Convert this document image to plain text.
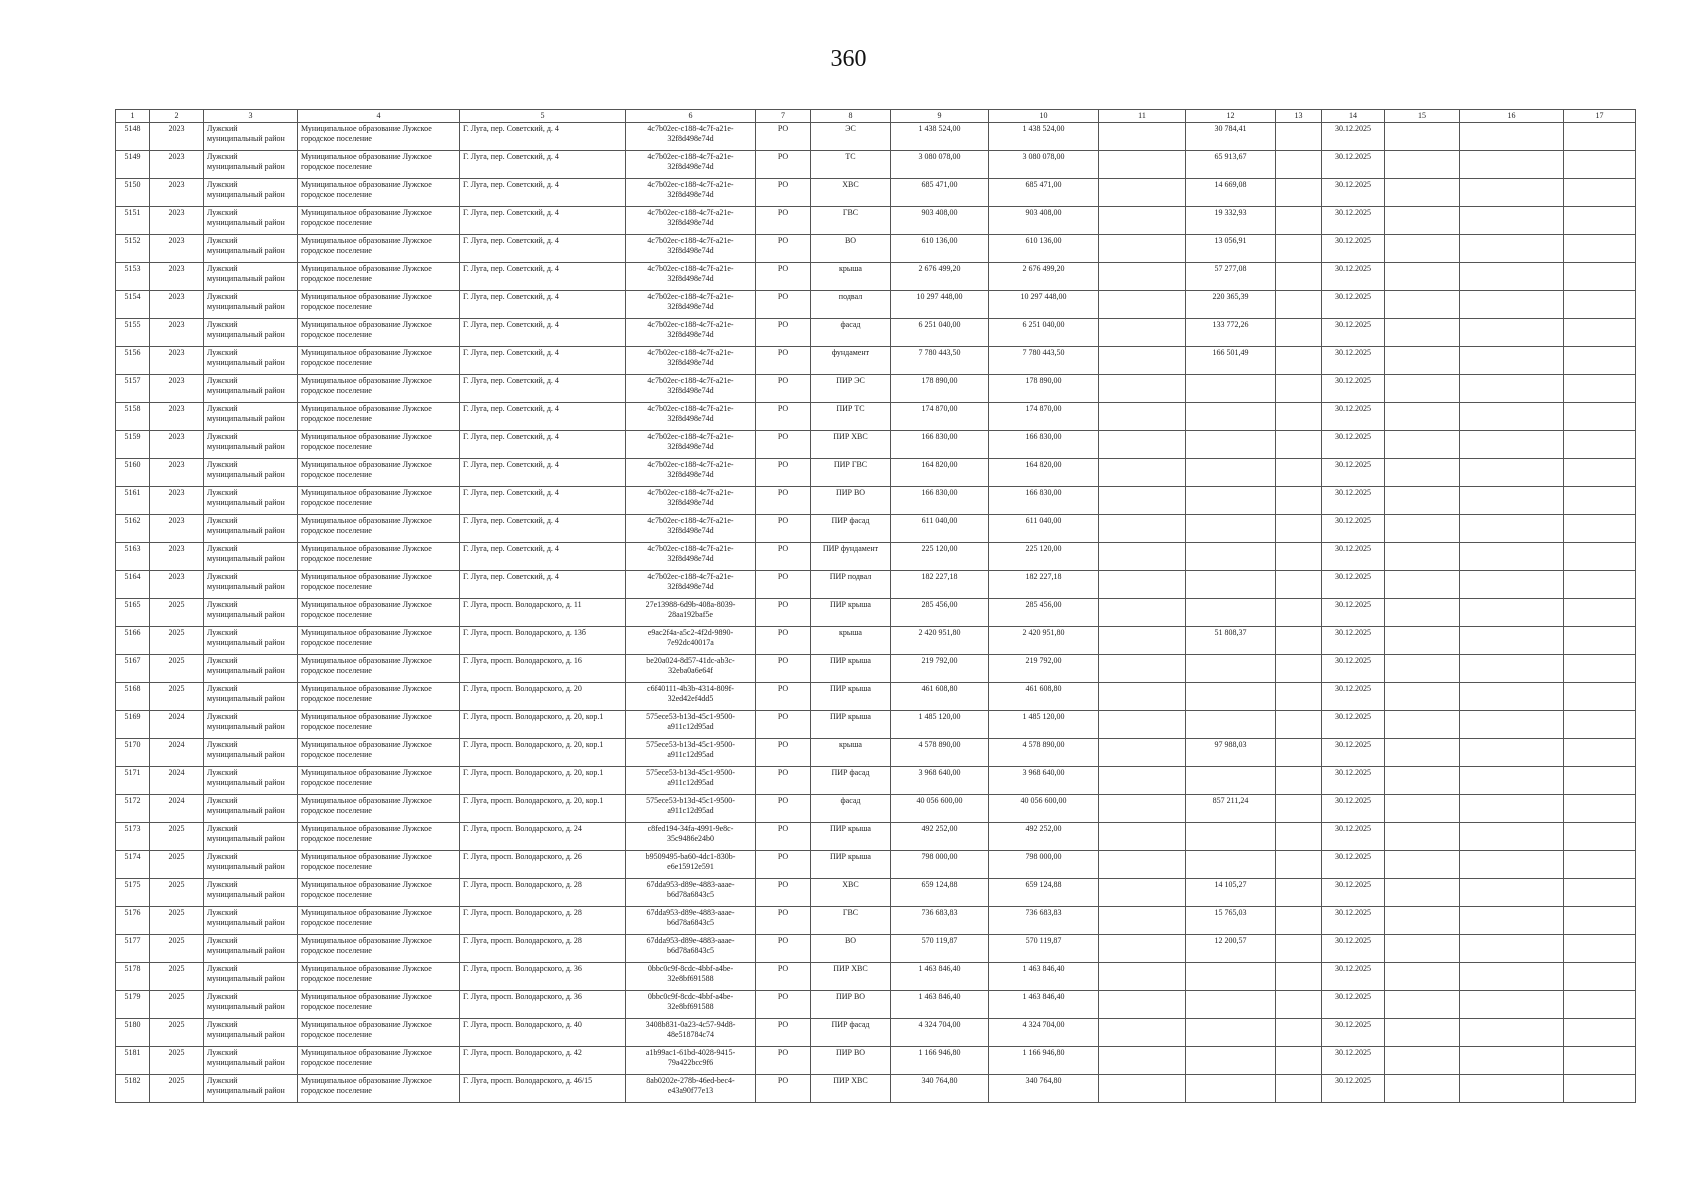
360
1	2	3	4	5	6	7	8	9	10	11	12	13	14	15	16	17
5148	2023	Лужский муниципальный район	Муниципальное образование Лужское городское поселение	Г. Луга, пер. Советский, д. 4	4c7b02ec-c188-4c7f-a21e-32f8d498e74d	РО	ЭС	1 438 524,00	1 438 524,00		30 784,41		30.12.2025			
5149	2023	Лужский муниципальный район	Муниципальное образование Лужское городское поселение	Г. Луга, пер. Советский, д. 4	4c7b02ec-c188-4c7f-a21e-32f8d498e74d	РО	ТС	3 080 078,00	3 080 078,00		65 913,67		30.12.2025			
5150	2023	Лужский муниципальный район	Муниципальное образование Лужское городское поселение	Г. Луга, пер. Советский, д. 4	4c7b02ec-c188-4c7f-a21e-32f8d498e74d	РО	ХВС	685 471,00	685 471,00		14 669,08		30.12.2025			
5151	2023	Лужский муниципальный район	Муниципальное образование Лужское городское поселение	Г. Луга, пер. Советский, д. 4	4c7b02ec-c188-4c7f-a21e-32f8d498e74d	РО	ГВС	903 408,00	903 408,00		19 332,93		30.12.2025			
5152	2023	Лужский муниципальный район	Муниципальное образование Лужское городское поселение	Г. Луга, пер. Советский, д. 4	4c7b02ec-c188-4c7f-a21e-32f8d498e74d	РО	ВО	610 136,00	610 136,00		13 056,91		30.12.2025			
5153	2023	Лужский муниципальный район	Муниципальное образование Лужское городское поселение	Г. Луга, пер. Советский, д. 4	4c7b02ec-c188-4c7f-a21e-32f8d498e74d	РО	крыша	2 676 499,20	2 676 499,20		57 277,08		30.12.2025			
5154	2023	Лужский муниципальный район	Муниципальное образование Лужское городское поселение	Г. Луга, пер. Советский, д. 4	4c7b02ec-c188-4c7f-a21e-32f8d498e74d	РО	подвал	10 297 448,00	10 297 448,00		220 365,39		30.12.2025			
5155	2023	Лужский муниципальный район	Муниципальное образование Лужское городское поселение	Г. Луга, пер. Советский, д. 4	4c7b02ec-c188-4c7f-a21e-32f8d498e74d	РО	фасад	6 251 040,00	6 251 040,00		133 772,26		30.12.2025			
5156	2023	Лужский муниципальный район	Муниципальное образование Лужское городское поселение	Г. Луга, пер. Советский, д. 4	4c7b02ec-c188-4c7f-a21e-32f8d498e74d	РО	фундамент	7 780 443,50	7 780 443,50		166 501,49		30.12.2025			
5157	2023	Лужский муниципальный район	Муниципальное образование Лужское городское поселение	Г. Луга, пер. Советский, д. 4	4c7b02ec-c188-4c7f-a21e-32f8d498e74d	РО	ПИР ЭС	178 890,00	178 890,00				30.12.2025			
5158	2023	Лужский муниципальный район	Муниципальное образование Лужское городское поселение	Г. Луга, пер. Советский, д. 4	4c7b02ec-c188-4c7f-a21e-32f8d498e74d	РО	ПИР ТС	174 870,00	174 870,00				30.12.2025			
5159	2023	Лужский муниципальный район	Муниципальное образование Лужское городское поселение	Г. Луга, пер. Советский, д. 4	4c7b02ec-c188-4c7f-a21e-32f8d498e74d	РО	ПИР ХВС	166 830,00	166 830,00				30.12.2025			
5160	2023	Лужский муниципальный район	Муниципальное образование Лужское городское поселение	Г. Луга, пер. Советский, д. 4	4c7b02ec-c188-4c7f-a21e-32f8d498e74d	РО	ПИР ГВС	164 820,00	164 820,00				30.12.2025			
5161	2023	Лужский муниципальный район	Муниципальное образование Лужское городское поселение	Г. Луга, пер. Советский, д. 4	4c7b02ec-c188-4c7f-a21e-32f8d498e74d	РО	ПИР ВО	166 830,00	166 830,00				30.12.2025			
5162	2023	Лужский муниципальный район	Муниципальное образование Лужское городское поселение	Г. Луга, пер. Советский, д. 4	4c7b02ec-c188-4c7f-a21e-32f8d498e74d	РО	ПИР фасад	611 040,00	611 040,00				30.12.2025			
5163	2023	Лужский муниципальный район	Муниципальное образование Лужское городское поселение	Г. Луга, пер. Советский, д. 4	4c7b02ec-c188-4c7f-a21e-32f8d498e74d	РО	ПИР фундамент	225 120,00	225 120,00				30.12.2025			
5164	2023	Лужский муниципальный район	Муниципальное образование Лужское городское поселение	Г. Луга, пер. Советский, д. 4	4c7b02ec-c188-4c7f-a21e-32f8d498e74d	РО	ПИР подвал	182 227,18	182 227,18				30.12.2025			
5165	2025	Лужский муниципальный район	Муниципальное образование Лужское городское поселение	Г. Луга, просп. Володарского, д. 11	27e13988-6d9b-408a-8039-28aa192baf5e	РО	ПИР крыша	285 456,00	285 456,00				30.12.2025			
5166	2025	Лужский муниципальный район	Муниципальное образование Лужское городское поселение	Г. Луга, просп. Володарского, д. 13б	e9ac2f4a-a5c2-4f2d-9890-7e92dc40017a	РО	крыша	2 420 951,80	2 420 951,80		51 808,37		30.12.2025			
5167	2025	Лужский муниципальный район	Муниципальное образование Лужское городское поселение	Г. Луга, просп. Володарского, д. 16	be20a024-8d57-41dc-ab3c-32eba0a6e64f	РО	ПИР крыша	219 792,00	219 792,00				30.12.2025			
5168	2025	Лужский муниципальный район	Муниципальное образование Лужское городское поселение	Г. Луга, просп. Володарского, д. 20	c6f40111-4b3b-4314-809f-32ed42ef4dd5	РО	ПИР крыша	461 608,80	461 608,80				30.12.2025			
5169	2024	Лужский муниципальный район	Муниципальное образование Лужское городское поселение	Г. Луга, просп. Володарского, д. 20, кор.1	575ece53-b13d-45c1-9500-a911c12d95ad	РО	ПИР крыша	1 485 120,00	1 485 120,00				30.12.2025			
5170	2024	Лужский муниципальный район	Муниципальное образование Лужское городское поселение	Г. Луга, просп. Володарского, д. 20, кор.1	575ece53-b13d-45c1-9500-a911c12d95ad	РО	крыша	4 578 890,00	4 578 890,00		97 988,03		30.12.2025			
5171	2024	Лужский муниципальный район	Муниципальное образование Лужское городское поселение	Г. Луга, просп. Володарского, д. 20, кор.1	575ece53-b13d-45c1-9500-a911c12d95ad	РО	ПИР фасад	3 968 640,00	3 968 640,00				30.12.2025			
5172	2024	Лужский муниципальный район	Муниципальное образование Лужское городское поселение	Г. Луга, просп. Володарского, д. 20, кор.1	575ece53-b13d-45c1-9500-a911c12d95ad	РО	фасад	40 056 600,00	40 056 600,00		857 211,24		30.12.2025			
5173	2025	Лужский муниципальный район	Муниципальное образование Лужское городское поселение	Г. Луга, просп. Володарского, д. 24	c8fed194-34fa-4991-9e8c-35c9486e24b0	РО	ПИР крыша	492 252,00	492 252,00				30.12.2025			
5174	2025	Лужский муниципальный район	Муниципальное образование Лужское городское поселение	Г. Луга, просп. Володарского, д. 26	b9509495-ba60-4dc1-830b-e6e15912e591	РО	ПИР крыша	798 000,00	798 000,00				30.12.2025			
5175	2025	Лужский муниципальный район	Муниципальное образование Лужское городское поселение	Г. Луга, просп. Володарского, д. 28	67dda953-d89e-4883-aaae-b6d78a6843c5	РО	ХВС	659 124,88	659 124,88		14 105,27		30.12.2025			
5176	2025	Лужский муниципальный район	Муниципальное образование Лужское городское поселение	Г. Луга, просп. Володарского, д. 28	67dda953-d89e-4883-aaae-b6d78a6843c5	РО	ГВС	736 683,83	736 683,83		15 765,03		30.12.2025			
5177	2025	Лужский муниципальный район	Муниципальное образование Лужское городское поселение	Г. Луга, просп. Володарского, д. 28	67dda953-d89e-4883-aaae-b6d78a6843c5	РО	ВО	570 119,87	570 119,87		12 200,57		30.12.2025			
5178	2025	Лужский муниципальный район	Муниципальное образование Лужское городское поселение	Г. Луга, просп. Володарского, д. 36	0bbc0c9f-8cdc-4bbf-a4be-32e8bf691588	РО	ПИР ХВС	1 463 846,40	1 463 846,40				30.12.2025			
5179	2025	Лужский муниципальный район	Муниципальное образование Лужское городское поселение	Г. Луга, просп. Володарского, д. 36	0bbc0c9f-8cdc-4bbf-a4be-32e8bf691588	РО	ПИР ВО	1 463 846,40	1 463 846,40				30.12.2025			
5180	2025	Лужский муниципальный район	Муниципальное образование Лужское городское поселение	Г. Луга, просп. Володарского, д. 40	3408b831-0a23-4c57-94d8-48e518784c74	РО	ПИР фасад	4 324 704,00	4 324 704,00				30.12.2025			
5181	2025	Лужский муниципальный район	Муниципальное образование Лужское городское поселение	Г. Луга, просп. Володарского, д. 42	a1b99ac1-61bd-4028-9415-79a422bcc9f6	РО	ПИР ВО	1 166 946,80	1 166 946,80				30.12.2025			
5182	2025	Лужский муниципальный район	Муниципальное образование Лужское городское поселение	Г. Луга, просп. Володарского, д. 46/15	8ab0202e-278b-46ed-bec4-e43a90f77e13	РО	ПИР ХВС	340 764,80	340 764,80				30.12.2025			
